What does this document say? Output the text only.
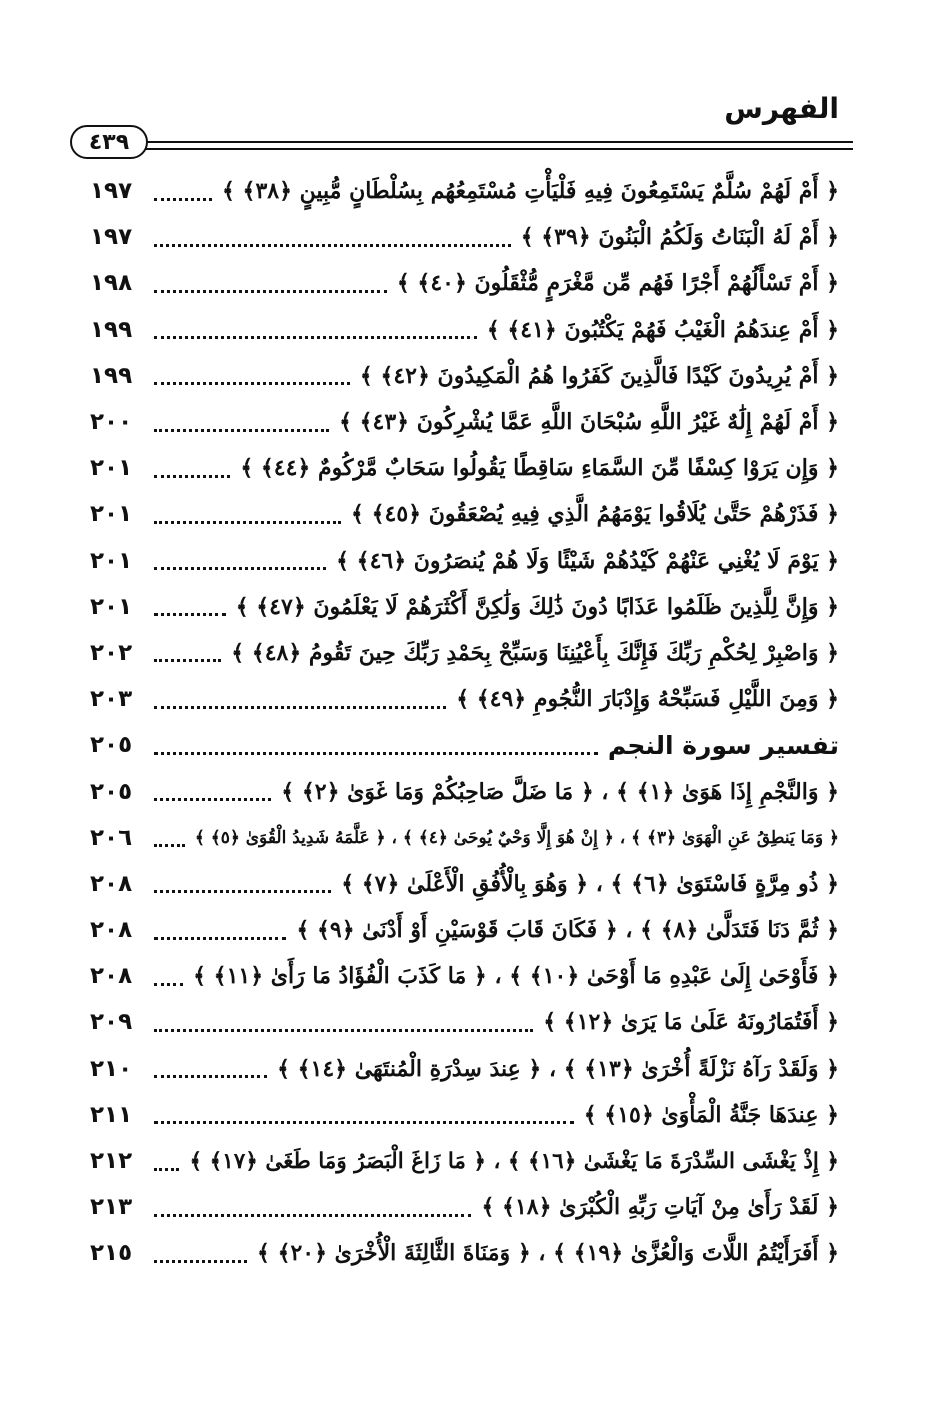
الفهرس
٤٣٩
١٩٧	﴿ أَمْ لَهُمْ سُلَّمٌ يَسْتَمِعُونَ فِيهِ فَلْيَأْتِ مُسْتَمِعُهُم بِسُلْطَانٍ مُّبِينٍ ﴿٣٨﴾ ﴾
١٩٧	﴿ أَمْ لَهُ الْبَنَاتُ وَلَكُمُ الْبَنُونَ ﴿٣٩﴾ ﴾
١٩٨	﴿ أَمْ تَسْأَلُهُمْ أَجْرًا فَهُم مِّن مَّغْرَمٍ مُّثْقَلُونَ ﴿٤٠﴾ ﴾
١٩٩	﴿ أَمْ عِندَهُمُ الْغَيْبُ فَهُمْ يَكْتُبُونَ ﴿٤١﴾ ﴾
١٩٩	﴿ أَمْ يُرِيدُونَ كَيْدًا فَالَّذِينَ كَفَرُوا هُمُ الْمَكِيدُونَ ﴿٤٢﴾ ﴾
٢٠٠	﴿ أَمْ لَهُمْ إِلَٰهٌ غَيْرُ اللَّهِ سُبْحَانَ اللَّهِ عَمَّا يُشْرِكُونَ ﴿٤٣﴾ ﴾
٢٠١	﴿ وَإِن يَرَوْا كِسْفًا مِّنَ السَّمَاءِ سَاقِطًا يَقُولُوا سَحَابٌ مَّرْكُومٌ ﴿٤٤﴾ ﴾
٢٠١	﴿ فَذَرْهُمْ حَتَّىٰ يُلَاقُوا يَوْمَهُمُ الَّذِي فِيهِ يُصْعَقُونَ ﴿٤٥﴾ ﴾
٢٠١	﴿ يَوْمَ لَا يُغْنِي عَنْهُمْ كَيْدُهُمْ شَيْئًا وَلَا هُمْ يُنصَرُونَ ﴿٤٦﴾ ﴾
٢٠١	﴿ وَإِنَّ لِلَّذِينَ ظَلَمُوا عَذَابًا دُونَ ذَٰلِكَ وَلَٰكِنَّ أَكْثَرَهُمْ لَا يَعْلَمُونَ ﴿٤٧﴾ ﴾
٢٠٢	﴿ وَاصْبِرْ لِحُكْمِ رَبِّكَ فَإِنَّكَ بِأَعْيُنِنَا وَسَبِّحْ بِحَمْدِ رَبِّكَ حِينَ تَقُومُ ﴿٤٨﴾ ﴾
٢٠٣	﴿ وَمِنَ اللَّيْلِ فَسَبِّحْهُ وَإِدْبَارَ النُّجُومِ ﴿٤٩﴾ ﴾
٢٠٥	تفسير سورة النجم
٢٠٥	﴿ وَالنَّجْمِ إِذَا هَوَىٰ ﴿١﴾ ﴾ ، ﴿ مَا ضَلَّ صَاحِبُكُمْ وَمَا غَوَىٰ ﴿٢﴾ ﴾
٢٠٦	﴿ وَمَا يَنطِقُ عَنِ الْهَوَىٰ ﴿٣﴾ ﴾ ، ﴿ إِنْ هُوَ إِلَّا وَحْيٌ يُوحَىٰ ﴿٤﴾ ﴾ ، ﴿ عَلَّمَهُ شَدِيدُ الْقُوَىٰ ﴿٥﴾ ﴾
٢٠٨	﴿ ذُو مِرَّةٍ فَاسْتَوَىٰ ﴿٦﴾ ﴾ ، ﴿ وَهُوَ بِالْأُفُقِ الْأَعْلَىٰ ﴿٧﴾ ﴾
٢٠٨	﴿ ثُمَّ دَنَا فَتَدَلَّىٰ ﴿٨﴾ ﴾ ، ﴿ فَكَانَ قَابَ قَوْسَيْنِ أَوْ أَدْنَىٰ ﴿٩﴾ ﴾
٢٠٨	﴿ فَأَوْحَىٰ إِلَىٰ عَبْدِهِ مَا أَوْحَىٰ ﴿١٠﴾ ﴾ ، ﴿ مَا كَذَبَ الْفُؤَادُ مَا رَأَىٰ ﴿١١﴾ ﴾
٢٠٩	﴿ أَفَتُمَارُونَهُ عَلَىٰ مَا يَرَىٰ ﴿١٢﴾ ﴾
٢١٠	﴿ وَلَقَدْ رَآهُ نَزْلَةً أُخْرَىٰ ﴿١٣﴾ ﴾ ، ﴿ عِندَ سِدْرَةِ الْمُنتَهَىٰ ﴿١٤﴾ ﴾
٢١١	﴿ عِندَهَا جَنَّةُ الْمَأْوَىٰ ﴿١٥﴾ ﴾
٢١٢	﴿ إِذْ يَغْشَى السِّدْرَةَ مَا يَغْشَىٰ ﴿١٦﴾ ﴾ ، ﴿ مَا زَاغَ الْبَصَرُ وَمَا طَغَىٰ ﴿١٧﴾ ﴾
٢١٣	﴿ لَقَدْ رَأَىٰ مِنْ آيَاتِ رَبِّهِ الْكُبْرَىٰ ﴿١٨﴾ ﴾
٢١٥	﴿ أَفَرَأَيْتُمُ اللَّاتَ وَالْعُزَّىٰ ﴿١٩﴾ ﴾ ، ﴿ وَمَنَاةَ الثَّالِثَةَ الْأُخْرَىٰ ﴿٢٠﴾ ﴾
